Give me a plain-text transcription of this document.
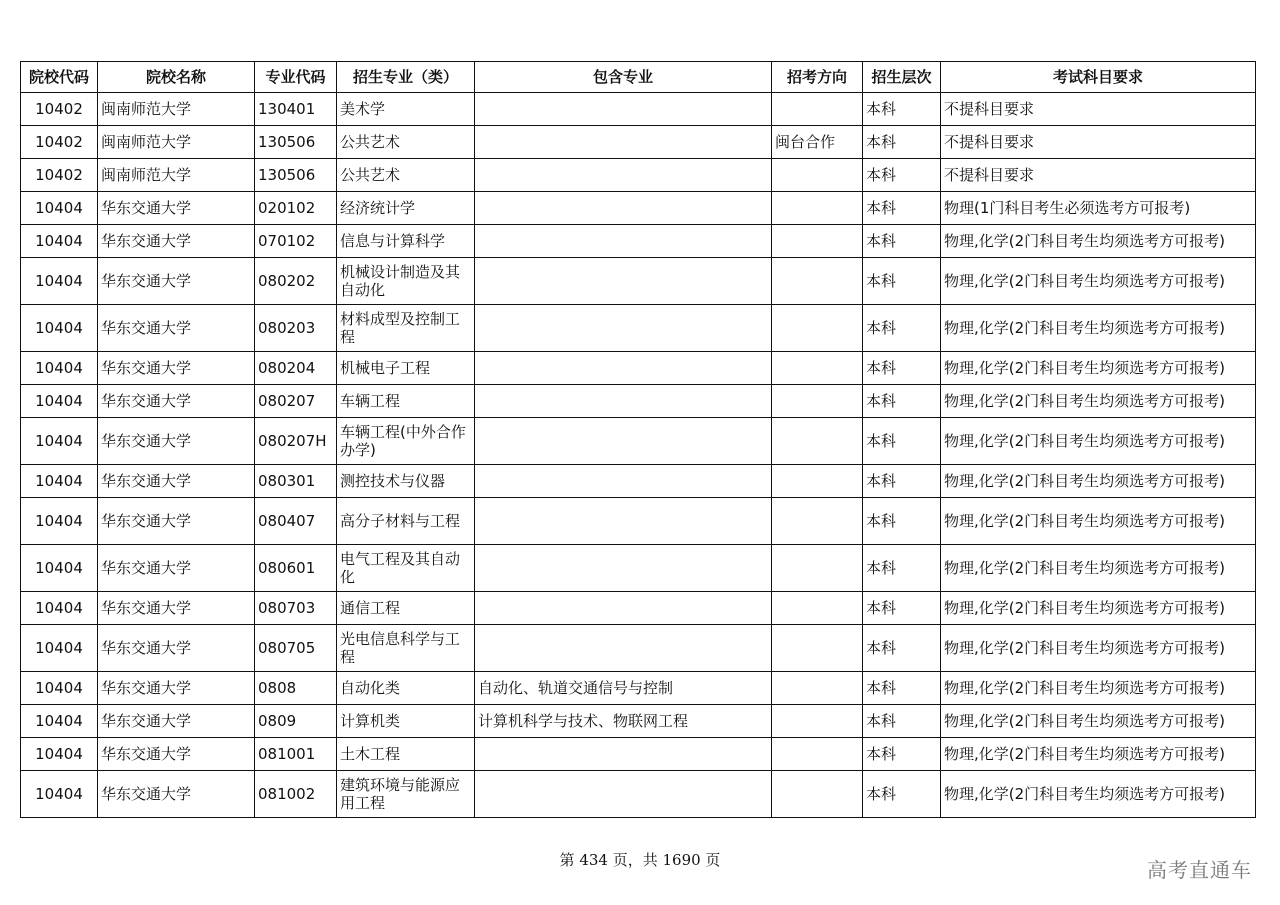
院校代码	院校名称	专业代码	招生专业（类）	包含专业	招考方向	招生层次	考试科目要求
10402	闽南师范大学	130401	美术学			本科	不提科目要求
10402	闽南师范大学	130506	公共艺术		闽台合作	本科	不提科目要求
10402	闽南师范大学	130506	公共艺术			本科	不提科目要求
10404	华东交通大学	020102	经济统计学			本科	物理(1门科目考生必须选考方可报考)
10404	华东交通大学	070102	信息与计算科学			本科	物理,化学(2门科目考生均须选考方可报考)
10404	华东交通大学	080202	机械设计制造及其自动化			本科	物理,化学(2门科目考生均须选考方可报考)
10404	华东交通大学	080203	材料成型及控制工程			本科	物理,化学(2门科目考生均须选考方可报考)
10404	华东交通大学	080204	机械电子工程			本科	物理,化学(2门科目考生均须选考方可报考)
10404	华东交通大学	080207	车辆工程			本科	物理,化学(2门科目考生均须选考方可报考)
10404	华东交通大学	080207H	车辆工程(中外合作办学)			本科	物理,化学(2门科目考生均须选考方可报考)
10404	华东交通大学	080301	测控技术与仪器			本科	物理,化学(2门科目考生均须选考方可报考)
10404	华东交通大学	080407	高分子材料与工程			本科	物理,化学(2门科目考生均须选考方可报考)
10404	华东交通大学	080601	电气工程及其自动化			本科	物理,化学(2门科目考生均须选考方可报考)
10404	华东交通大学	080703	通信工程			本科	物理,化学(2门科目考生均须选考方可报考)
10404	华东交通大学	080705	光电信息科学与工程			本科	物理,化学(2门科目考生均须选考方可报考)
10404	华东交通大学	0808	自动化类	自动化、轨道交通信号与控制		本科	物理,化学(2门科目考生均须选考方可报考)
10404	华东交通大学	0809	计算机类	计算机科学与技术、物联网工程		本科	物理,化学(2门科目考生均须选考方可报考)
10404	华东交通大学	081001	土木工程			本科	物理,化学(2门科目考生均须选考方可报考)
10404	华东交通大学	081002	建筑环境与能源应用工程			本科	物理,化学(2门科目考生均须选考方可报考)
第 434 页，共 1690 页	高考直通车
